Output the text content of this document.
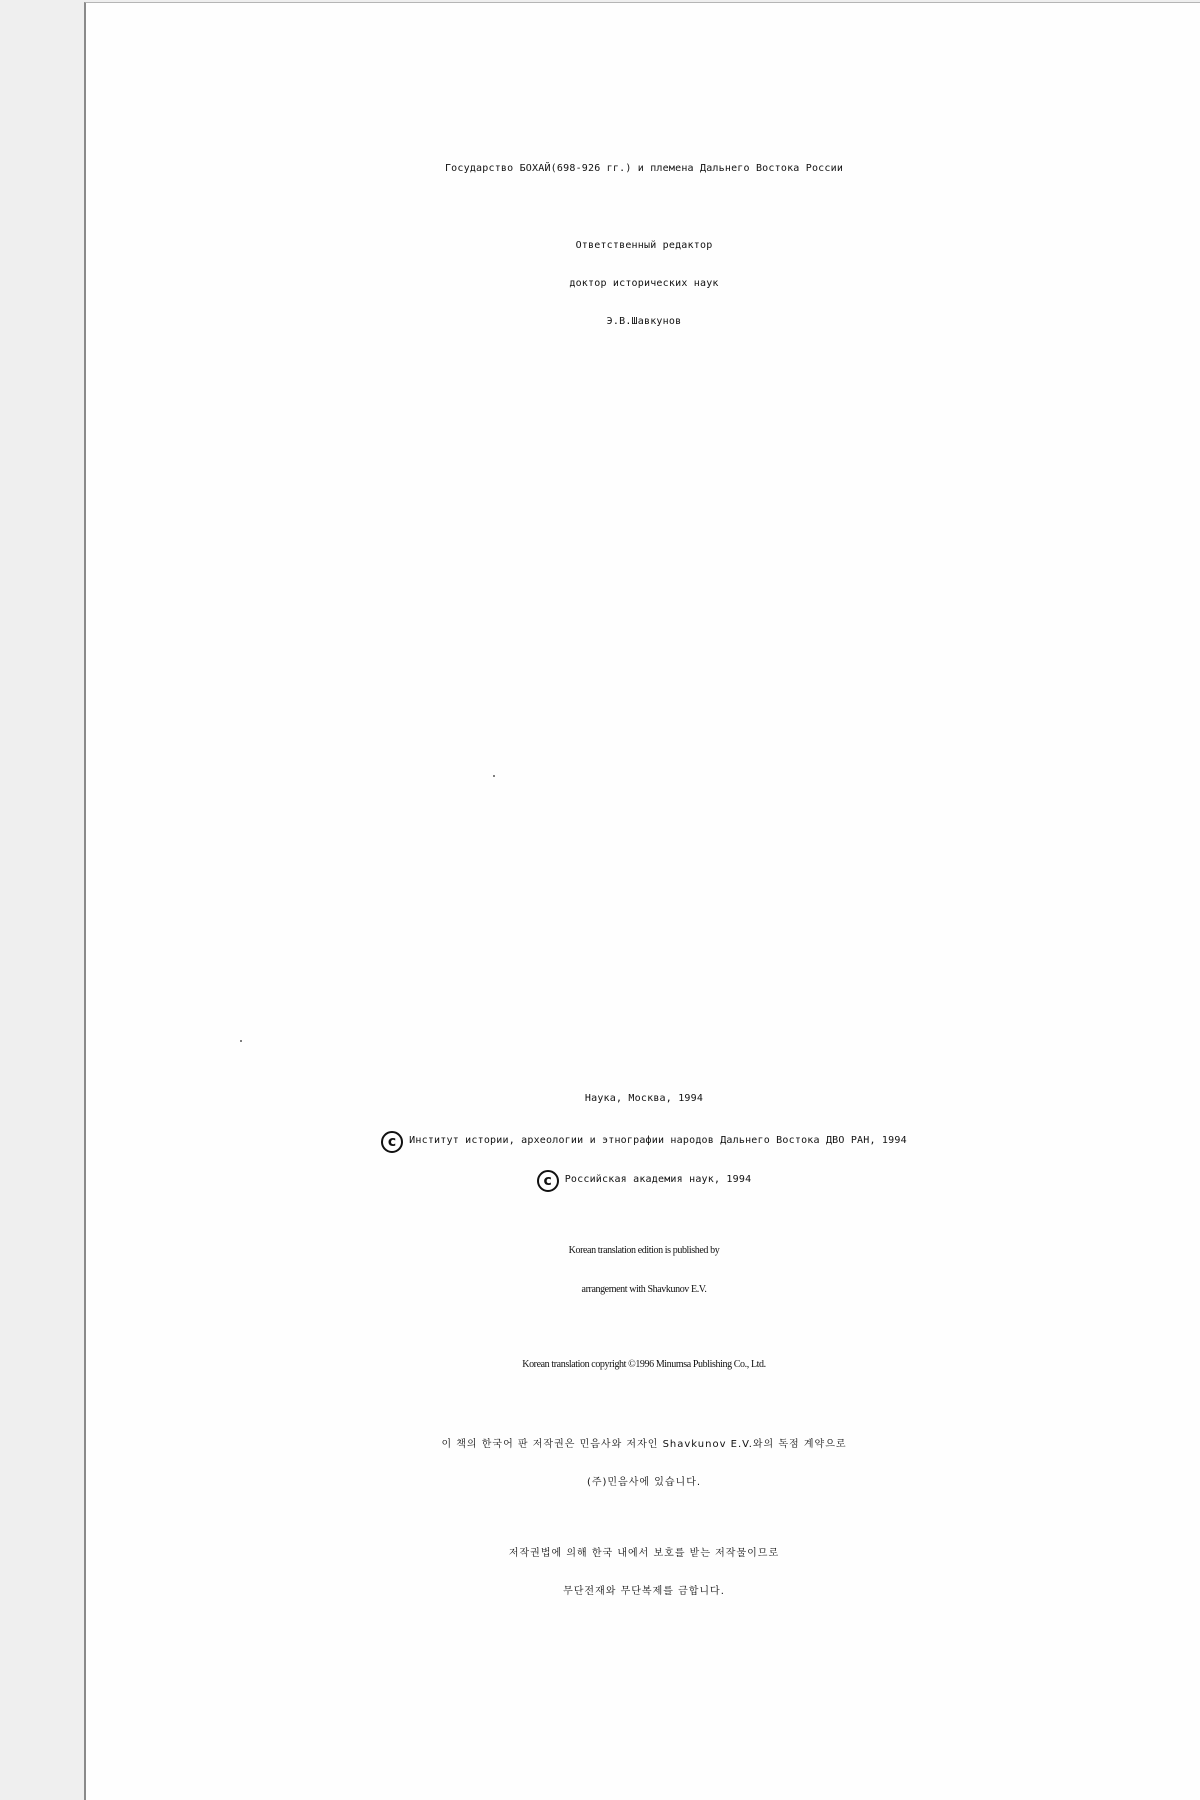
Государство БОХАЙ(698-926 гг.) и племена Дальнего Востока России
Ответственный редактор
доктор исторических наук
Э.В.Шавкунов
Наука, Москва, 1994
c Институт истории, археологии и этнографии народов Дальнего Востока ДВО РАН, 1994
c Российская академия наук, 1994
Korean translation edition is published by
arrangement with Shavkunov E.V.
Korean translation copyright ©1996 Minumsa Publishing Co., Ltd.
이 책의 한국어 판 저작권은 민음사와 저자인 Shavkunov E.V.와의 독점 계약으로
(주)민음사에 있습니다.
저작권법에 의해 한국 내에서 보호를 받는 저작물이므로
무단전재와 무단복제를 금합니다.
